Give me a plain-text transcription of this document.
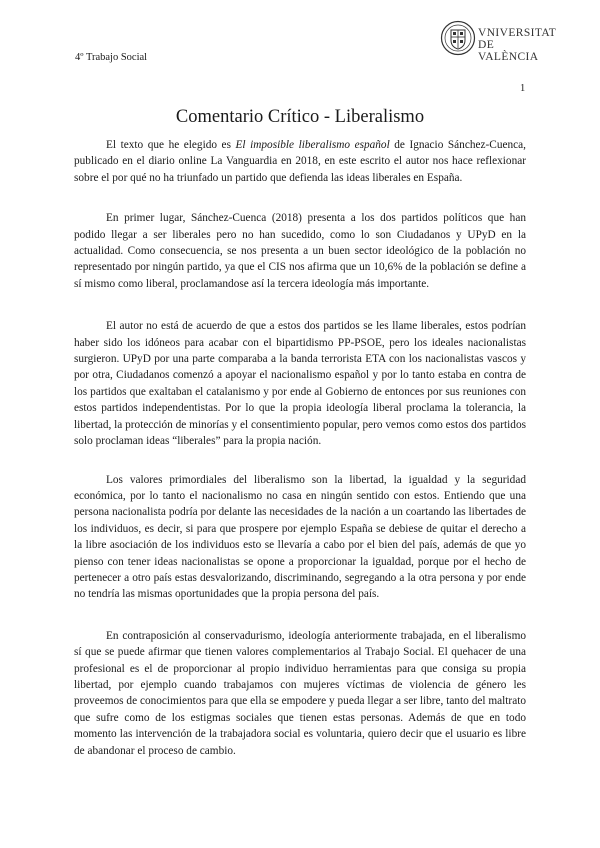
4º Trabajo Social
VNIVERSITAT
DE VALÈNCIA
1
Comentario Crítico - Liberalismo

El texto que he elegido es El imposible liberalismo español de Ignacio Sánchez-Cuenca, publicado en el diario online La Vanguardia en 2018, en este escrito el autor nos hace reflexionar sobre el por qué no ha triunfado un partido que defienda las ideas liberales en España.

En primer lugar, Sánchez-Cuenca (2018) presenta a los dos partidos políticos que han podido llegar a ser liberales pero no han sucedido, como lo son Ciudadanos y UPyD en la actualidad. Como consecuencia, se nos presenta a un buen sector ideológico de la población no representado por ningún partido, ya que el CIS nos afirma que un 10,6% de la población se define a sí mismo como liberal, proclamandose así la tercera ideología más importante.

El autor no está de acuerdo de que a estos dos partidos se les llame liberales, estos podrían haber sido los idóneos para acabar con el bipartidismo PP-PSOE, pero los ideales nacionalistas surgieron. UPyD por una parte comparaba a la banda terrorista ETA con los nacionalistas vascos y por otra, Ciudadanos comenzó a apoyar el nacionalismo español y por lo tanto estaba en contra de los partidos que exaltaban el catalanismo y por ende al Gobierno de entonces por sus reuniones con estos partidos independentistas. Por lo que la propia ideología liberal proclama la tolerancia, la libertad, la protección de minorías y el consentimiento popular, pero vemos como estos dos partidos solo proclaman ideas “liberales” para la propia nación.

Los valores primordiales del liberalismo son la libertad, la igualdad y la seguridad económica, por lo tanto el nacionalismo no casa en ningún sentido con estos. Entiendo que una persona nacionalista podría por delante las necesidades de la nación a un coartando las libertades de los individuos, es decir, si para que prospere por ejemplo España se debiese de quitar el derecho a la libre asociación de los individuos esto se llevaría a cabo por el bien del país, además de que yo pienso con tener ideas nacionalistas se opone a proporcionar la igualdad, porque por el hecho de pertenecer a otro país estas desvalorizando, discriminando, segregando a la otra persona y por ende no tendría las mismas oportunidades que la propia persona del país.

En contraposición al conservadurismo, ideología anteriormente trabajada, en el liberalismo sí que se puede afirmar que tienen valores complementarios al Trabajo Social. El quehacer de una profesional es el de proporcionar al propio individuo herramientas para que consiga su propia libertad, por ejemplo cuando trabajamos con mujeres víctimas de violencia de género les proveemos de conocimientos para que ella se empodere y pueda llegar a ser libre, tanto del maltrato que sufre como de los estigmas sociales que tienen estas personas. Además de que en todo momento las intervención de la trabajadora social es voluntaria, quiero decir que el usuario es libre de abandonar el proceso de cambio.
